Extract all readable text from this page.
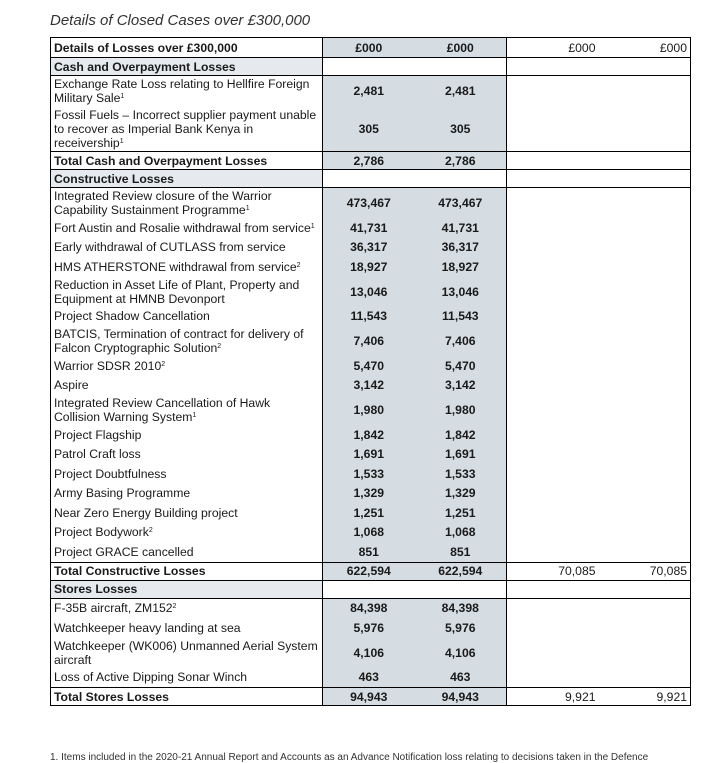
Details of Closed Cases over £300,000
Details of Losses over £300,000	£000	£000	£000	£000
Cash and Overpayment Losses				
Exchange Rate Loss relating to Hellfire Foreign Military Sale$^1$	2,481	2,481		
Fossil Fuels – Incorrect supplier payment unable to recover as Imperial Bank Kenya in receivership$^1$	305	305		
Total Cash and Overpayment Losses	2,786	2,786		
Constructive Losses				
Integrated Review closure of the Warrior Capability Sustainment Programme$^1$	473,467	473,467		
Fort Austin and Rosalie withdrawal from service$^1$	41,731	41,731		
Early withdrawal of CUTLASS from service	36,317	36,317		
HMS ATHERSTONE withdrawal from service$^2$	18,927	18,927		
Reduction in Asset Life of Plant, Property and Equipment at HMNB Devonport	13,046	13,046		
Project Shadow Cancellation	11,543	11,543		
BATCIS, Termination of contract for delivery of Falcon Cryptographic Solution$^2$	7,406	7,406		
Warrior SDSR 2010$^2$	5,470	5,470		
Aspire	3,142	3,142		
Integrated Review Cancellation of Hawk Collision Warning System$^1$	1,980	1,980		
Project Flagship	1,842	1,842		
Patrol Craft loss	1,691	1,691		
Project Doubtfulness	1,533	1,533		
Army Basing Programme	1,329	1,329		
Near Zero Energy Building project	1,251	1,251		
Project Bodywork$^2$	1,068	1,068		
Project GRACE cancelled	851	851		
Total Constructive Losses	622,594	622,594	70,085	70,085
Stores Losses				
F-35B aircraft, $ZM152^2$	84,398	84,398		
Watchkeeper heavy landing at sea	5,976	5,976		
Watchkeeper (WK006) Unmanned Aerial System aircraft	4,106	4,106		
Loss of Active Dipping Sonar Winch	463	463		
Total Stores Losses	94,943	94,943	9,921	9,921
1. Items included in the 2020-21 Annual Report and Accounts as an Advance Notification loss relating to decisions taken in the Defence
